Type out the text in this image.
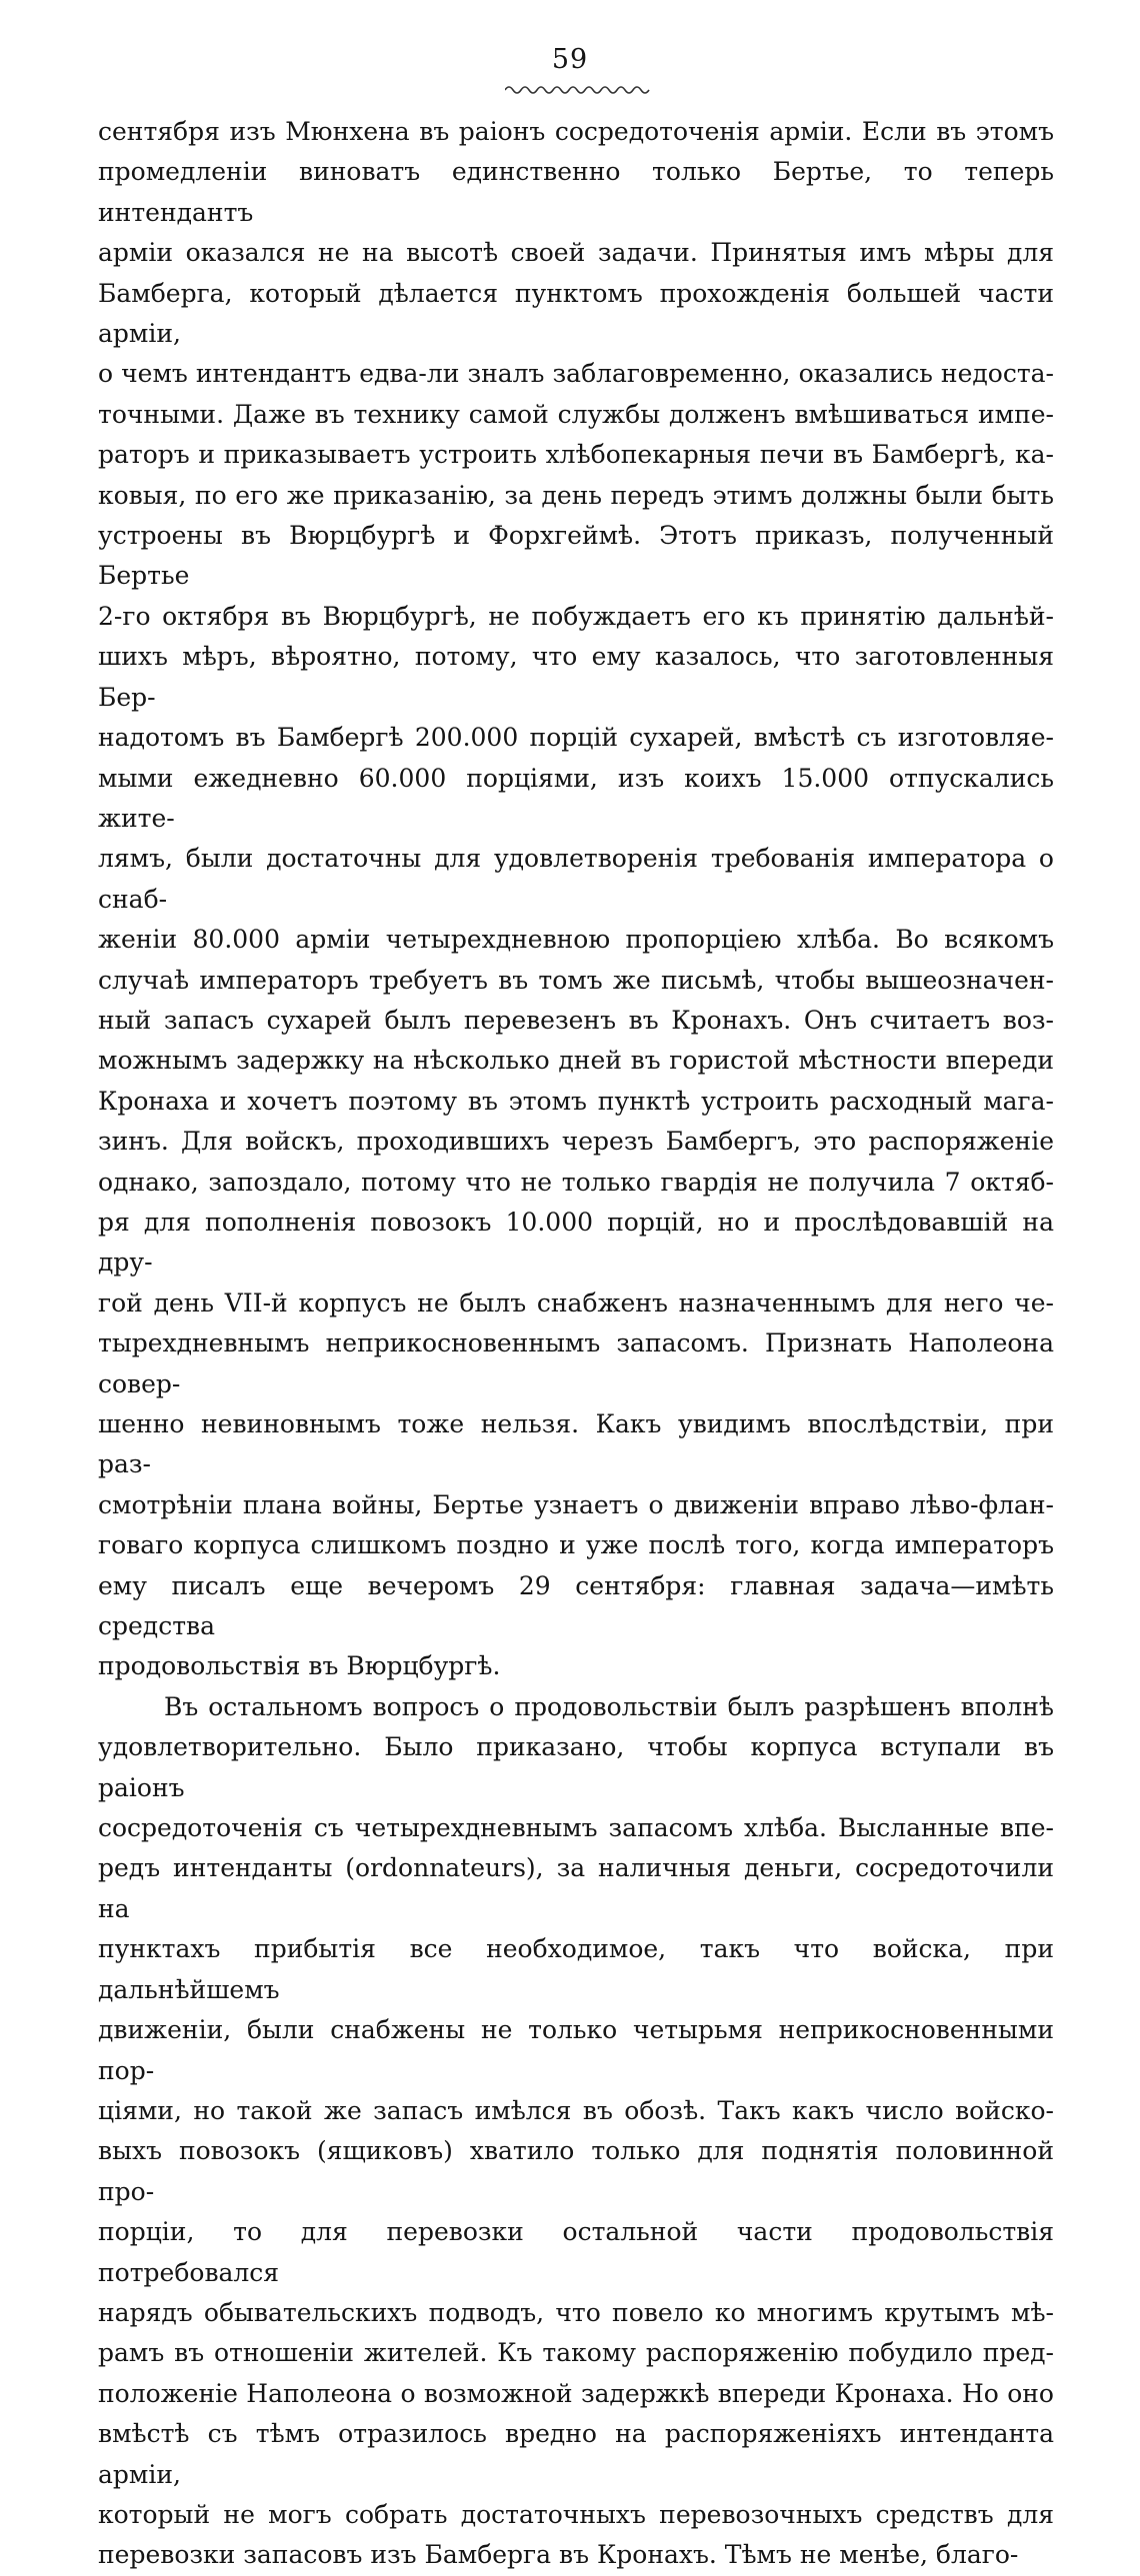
59

сентября изъ Мюнхена въ раіонъ сосредоточенія арміи. Если въ этомъ

промедленіи виноватъ единственно только Бертье, то теперь интендантъ

арміи оказался не на высотѣ своей задачи. Принятыя имъ мѣры для

Бамберга, который дѣлается пунктомъ прохожденія большей части арміи,

о чемъ интендантъ едва-ли зналъ заблаговременно, оказались недоста-

точными. Даже въ технику самой службы долженъ вмѣшиваться импе-

раторъ и приказываетъ устроить хлѣбопекарныя печи въ Бамбергѣ, ка-

ковыя, по его же приказанію, за день передъ этимъ должны были быть

устроены въ Вюрцбургѣ и Форхгеймѣ. Этотъ приказъ, полученный Бертье

2-го октября въ Вюрцбургѣ, не побуждаетъ его къ принятію дальнѣй-

шихъ мѣръ, вѣроятно, потому, что ему казалось, что заготовленныя Бер-

надотомъ въ Бамбергѣ 200.000 порцій сухарей, вмѣстѣ съ изготовляе-

мыми ежедневно 60.000 порціями, изъ коихъ 15.000 отпускались жите-

лямъ, были достаточны для удовлетворенія требованія императора о снаб-

женіи 80.000 арміи четырехдневною пропорціею хлѣба. Во всякомъ

случаѣ императоръ требуетъ въ томъ же письмѣ, чтобы вышеозначен-

ный запасъ сухарей былъ перевезенъ въ Кронахъ. Онъ считаетъ воз-

можнымъ задержку на нѣсколько дней въ гористой мѣстности впереди

Кронаха и хочетъ поэтому въ этомъ пунктѣ устроить расходный мага-

зинъ. Для войскъ, проходившихъ черезъ Бамбергъ, это распоряженіе

однако, запоздало, потому что не только гвардія не получила 7 октяб-

ря для пополненія повозокъ 10.000 порцій, но и прослѣдовавшій на дру-

гой день VII-й корпусъ не былъ снабженъ назначеннымъ для него че-

тырехдневнымъ неприкосновеннымъ запасомъ. Признать Наполеона совер-

шенно невиновнымъ тоже нельзя. Какъ увидимъ впослѣдствіи, при раз-

смотрѣніи плана войны, Бертье узнаетъ о движеніи вправо лѣво-флан-

говаго корпуса слишкомъ поздно и уже послѣ того, когда императоръ

ему писалъ еще вечеромъ 29 сентября: главная задача—имѣть средства

продовольствія въ Вюрцбургѣ.

Въ остальномъ вопросъ о продовольствіи былъ разрѣшенъ вполнѣ

удовлетворительно. Было приказано, чтобы корпуса вступали въ раіонъ

сосредоточенія съ четырехдневнымъ запасомъ хлѣба. Высланные впе-

редъ интенданты (ordonnateurs), за наличныя деньги, сосредоточили на

пунктахъ прибытія все необходимое, такъ что войска, при дальнѣйшемъ

движеніи, были снабжены не только четырьмя неприкосновенными пор-

ціями, но такой же запасъ имѣлся въ обозѣ. Такъ какъ число войско-

выхъ повозокъ (ящиковъ) хватило только для поднятія половинной про-

порціи, то для перевозки остальной части продовольствія потребовался

нарядъ обывательскихъ подводъ, что повело ко многимъ крутымъ мѣ-

рамъ въ отношеніи жителей. Къ такому распоряженію побудило пред-

положеніе Наполеона о возможной задержкѣ впереди Кронаха. Но оно

вмѣстѣ съ тѣмъ отразилось вредно на распоряженіяхъ интенданта арміи,

который не могъ собрать достаточныхъ перевозочныхъ средствъ для

перевозки запасовъ изъ Бамберга въ Кронахъ. Тѣмъ не менѣе, благо-
